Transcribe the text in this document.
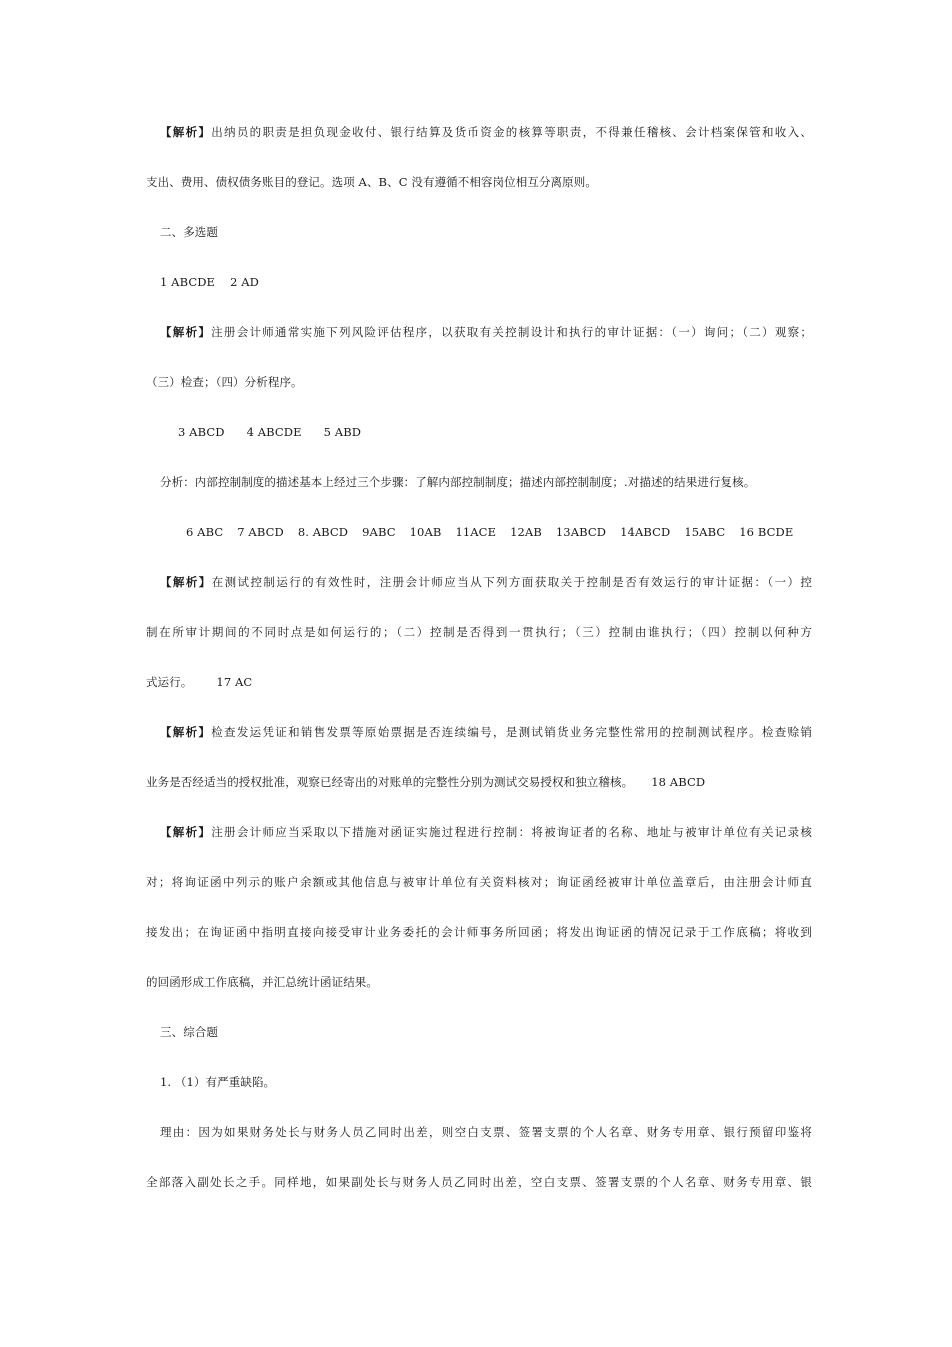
【解析】出纳员的职责是担负现金收付、银行结算及货币资金的核算等职责，不得兼任稽核、会计档案保管和收入、
支出、费用、债权债务账目的登记。选项 A、B、C 没有遵循不相容岗位相互分离原则。
二、多选题
1 ABCDE    2 AD
【解析】注册会计师通常实施下列风险评估程序，以获取有关控制设计和执行的审计证据：（一）询问；（二）观察；
（三）检查；（四）分析程序。
3 ABCD 4 ABCDE 5 ABD
分析：内部控制制度的描述基本上经过三个步骤：了解内部控制制度；描述内部控制制度；.对描述的结果进行复核。
6 ABC 7 ABCD 8. ABCD 9ABC 10AB 11ACE 12AB 13ABCD 14ABCD 15ABC 16 BCDE
【解析】在测试控制运行的有效性时，注册会计师应当从下列方面获取关于控制是否有效运行的审计证据：（一）控
制在所审计期间的不同时点是如何运行的；（二）控制是否得到一贯执行；（三）控制由谁执行；（四）控制以何种方
式运行。 17 AC
【解析】检查发运凭证和销售发票等原始票据是否连续编号，是测试销货业务完整性常用的控制测试程序。检查赊销
业务是否经适当的授权批准，观察已经寄出的对账单的完整性分别为测试交易授权和独立稽核。 18 ABCD
【解析】注册会计师应当采取以下措施对函证实施过程进行控制：将被询证者的名称、地址与被审计单位有关记录核
对；将询证函中列示的账户余额或其他信息与被审计单位有关资料核对；询证函经被审计单位盖章后，由注册会计师直
接发出；在询证函中指明直接向接受审计业务委托的会计师事务所回函；将发出询证函的情况记录于工作底稿；将收到
的回函形成工作底稿，并汇总统计函证结果。
三、综合题
1. （1）有严重缺陷。
理由：因为如果财务处长与财务人员乙同时出差，则空白支票、签署支票的个人名章、财务专用章、银行预留印鉴将
全部落入副处长之手。同样地，如果副处长与财务人员乙同时出差，空白支票、签署支票的个人名章、财务专用章、银
